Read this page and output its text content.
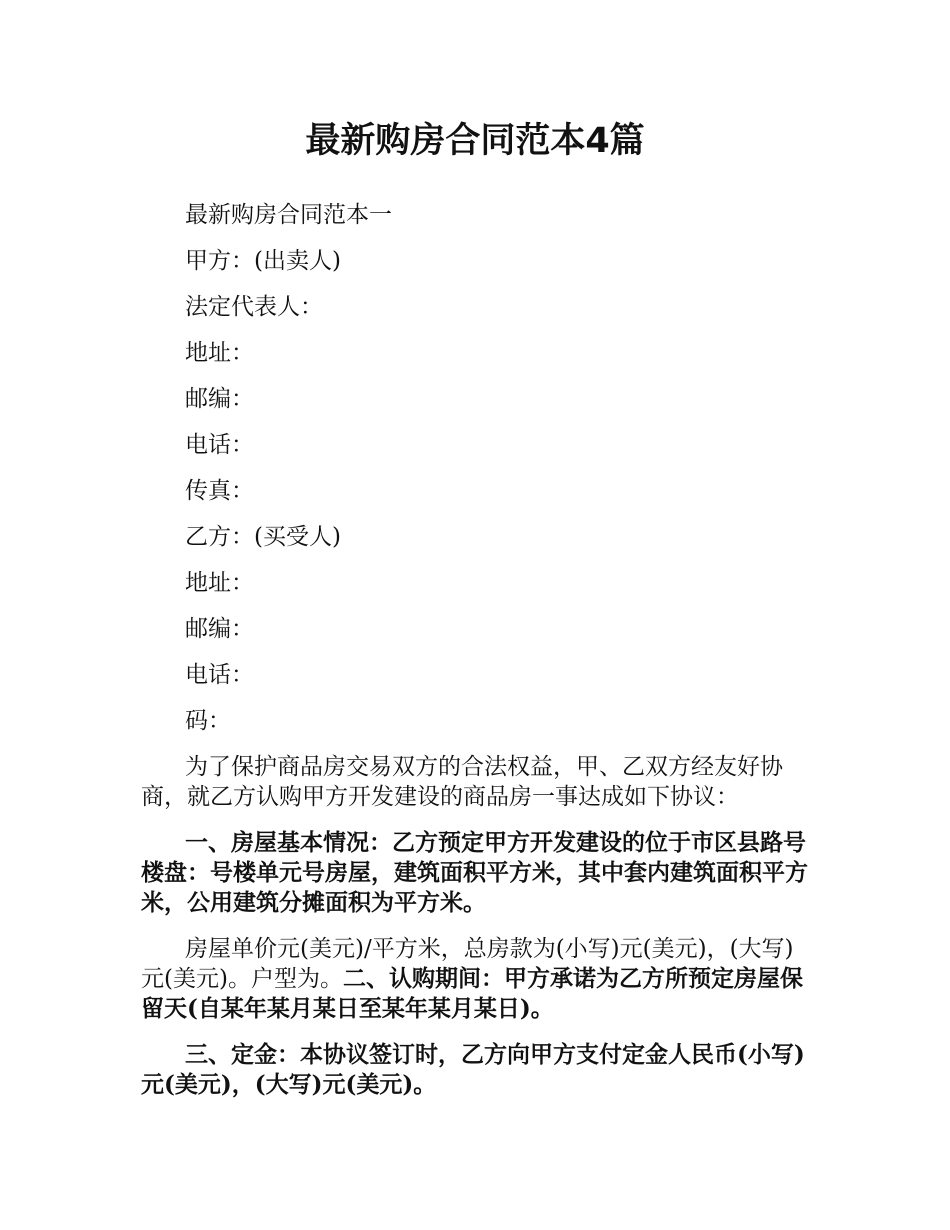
最新购房合同范本4篇

最新购房合同范本一

甲方：(出卖人)

法定代表人：

地址：

邮编：

电话：

传真：

乙方：(买受人)

地址：

邮编：

电话：

码：

为了保护商品房交易双方的合法权益，甲、乙双方经友好协商，就乙方认购甲方开发建设的商品房一事达成如下协议：

一、房屋基本情况：乙方预定甲方开发建设的位于市区县路号楼盘：号楼单元号房屋，建筑面积平方米，其中套内建筑面积平方米，公用建筑分摊面积为平方米。

房屋单价元(美元)/平方米，总房款为(小写)元(美元)，(大写)元(美元)。户型为。二、认购期间：甲方承诺为乙方所预定房屋保留天(自某年某月某日至某年某月某日)。

三、定金：本协议签订时，乙方向甲方支付定金人民币(小写)元(美元)，(大写)元(美元)。
